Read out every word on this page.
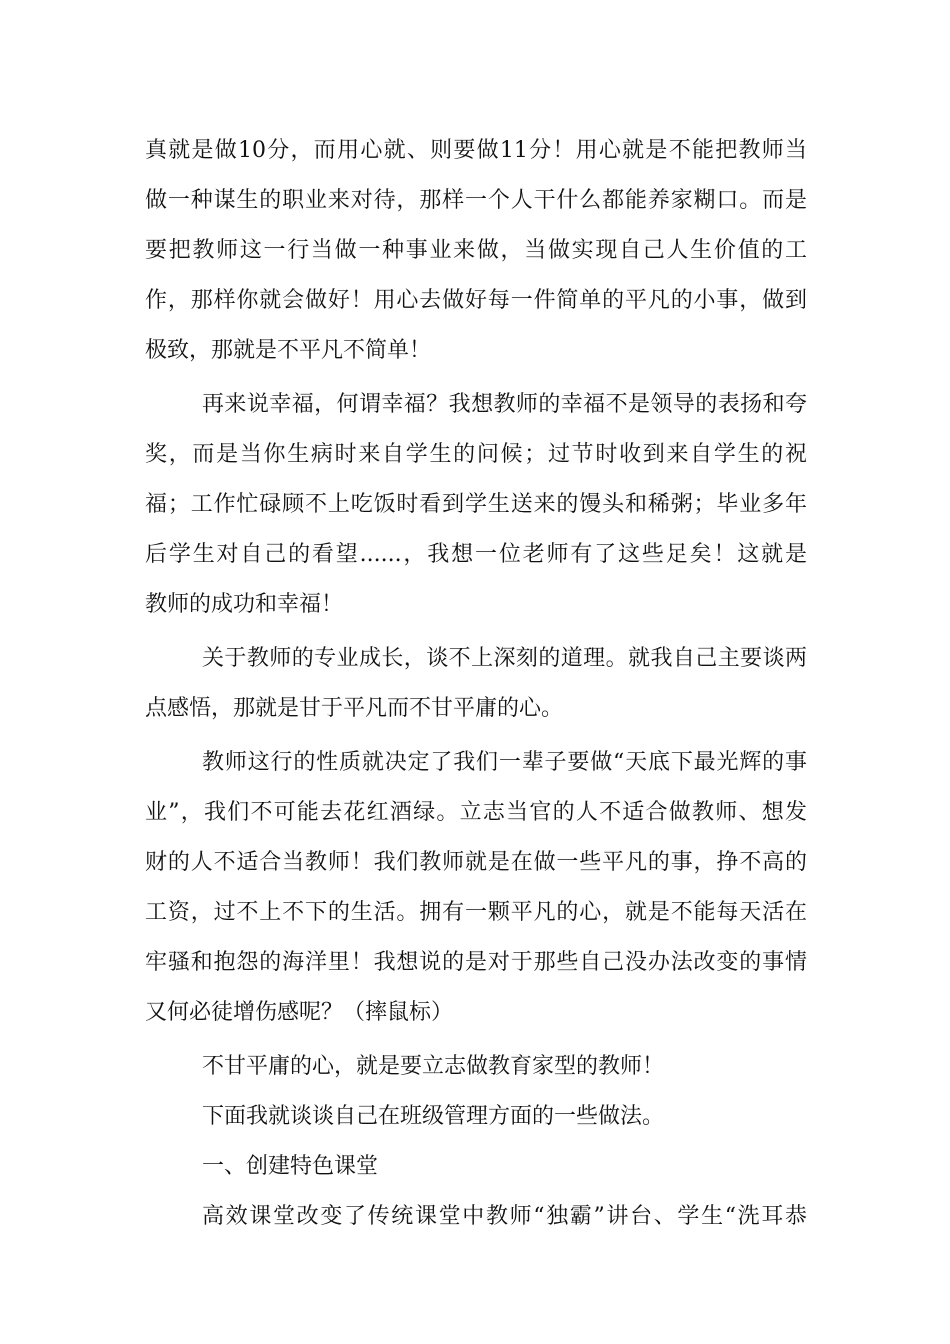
真就是做10分，而用心就、则要做11分！用心就是不能把教师当
做一种谋生的职业来对待，那样一个人干什么都能养家糊口。而是
要把教师这一行当做一种事业来做，当做实现自己人生价值的工
作，那样你就会做好！用心去做好每一件简单的平凡的小事，做到
极致，那就是不平凡不简单！
再来说幸福，何谓幸福？我想教师的幸福不是领导的表扬和夸
奖，而是当你生病时来自学生的问候；过节时收到来自学生的祝
福；工作忙碌顾不上吃饭时看到学生送来的馒头和稀粥；毕业多年
后学生对自己的看望......，我想一位老师有了这些足矣！这就是
教师的成功和幸福！
关于教师的专业成长，谈不上深刻的道理。就我自己主要谈两
点感悟，那就是甘于平凡而不甘平庸的心。
教师这行的性质就决定了我们一辈子要做“天底下最光辉的事
业”，我们不可能去花红酒绿。立志当官的人不适合做教师、想发
财的人不适合当教师！我们教师就是在做一些平凡的事，挣不高的
工资，过不上不下的生活。拥有一颗平凡的心，就是不能每天活在
牢骚和抱怨的海洋里！我想说的是对于那些自己没办法改变的事情
又何必徒增伤感呢？（摔鼠标）
不甘平庸的心，就是要立志做教育家型的教师！
下面我就谈谈自己在班级管理方面的一些做法。
一、创建特色课堂
高效课堂改变了传统课堂中教师“独霸”讲台、学生“洗耳恭
